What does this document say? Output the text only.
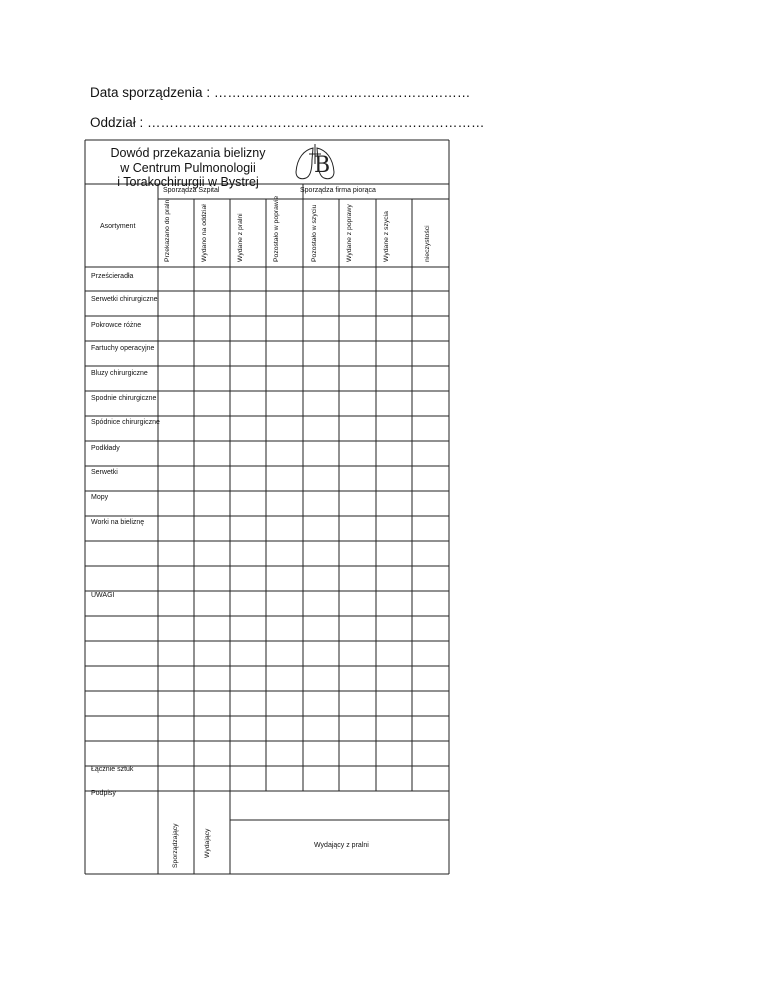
Data sporządzenia : …………………………………………………
Oddział : …………………………………………………………………
Dowód przekazania bielizny
w Centrum Pulmonologii
i Torakochirurgii w Bystrej
B
Sporządza Szpital	Sporządza firma piorąca
Asortyment	Przekazano do pralni	Wydano na oddział	Wydane z pralni	Pozostało w poprawie	Pozostało w szyciu	Wydane z poprawy	Wydane z szycia	nieczystości
Prześcieradła
Serwetki chirurgiczne
Pokrowce różne
Fartuchy operacyjne
Bluzy chirurgiczne
Spodnie chirurgiczne
Spódnice chirurgiczne
Podkłady
Serwetki
Mopy
Worki na bieliznę
UWAGI
Łącznie sztuk
Podpisy
Sporządzający	Wydający	Wydający z pralni
